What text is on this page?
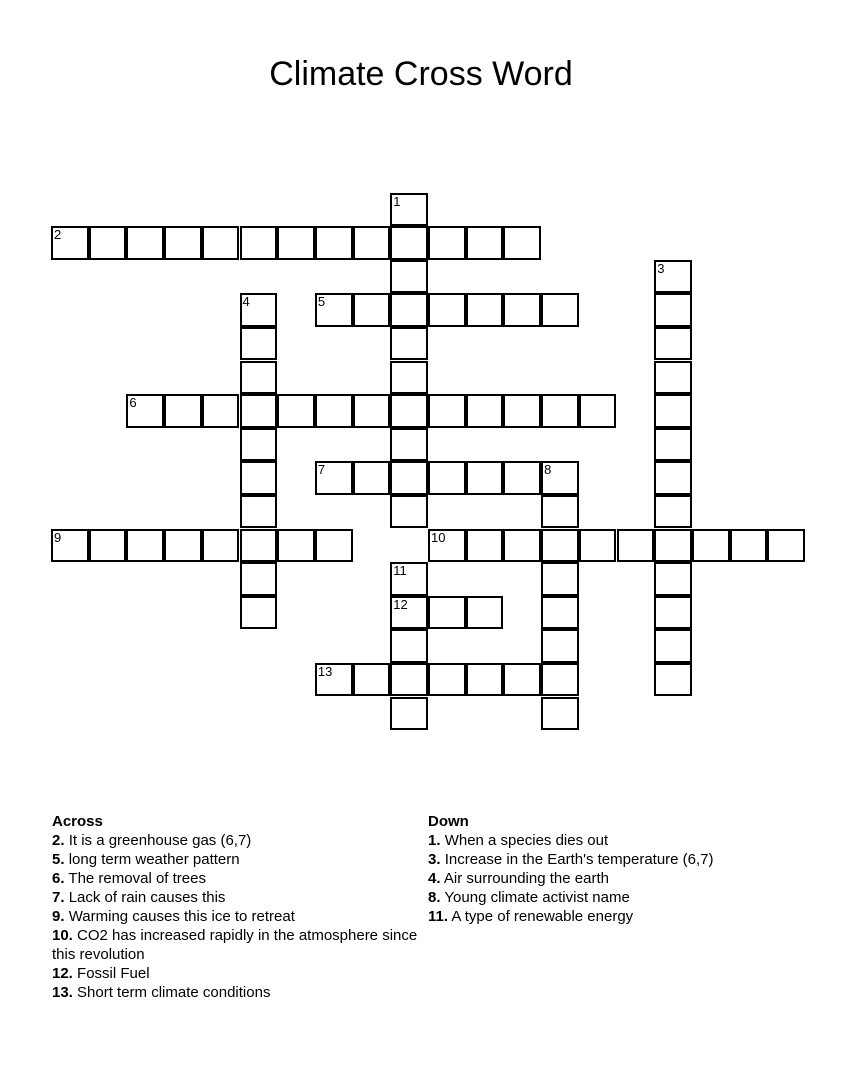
Climate Cross Word
1
2
3
4	5
6
7	8
9	10
11
12
13
Across
2. It is a greenhouse gas (6,7)
5. long term weather pattern
6. The removal of trees
7. Lack of rain causes this
9. Warming causes this ice to retreat
10. CO2 has increased rapidly in the atmosphere since this revolution
12. Fossil Fuel
13. Short term climate conditions
Down
1. When a species dies out
3. Increase in the Earth's temperature (6,7)
4. Air surrounding the earth
8. Young climate activist name
11. A type of renewable energy
